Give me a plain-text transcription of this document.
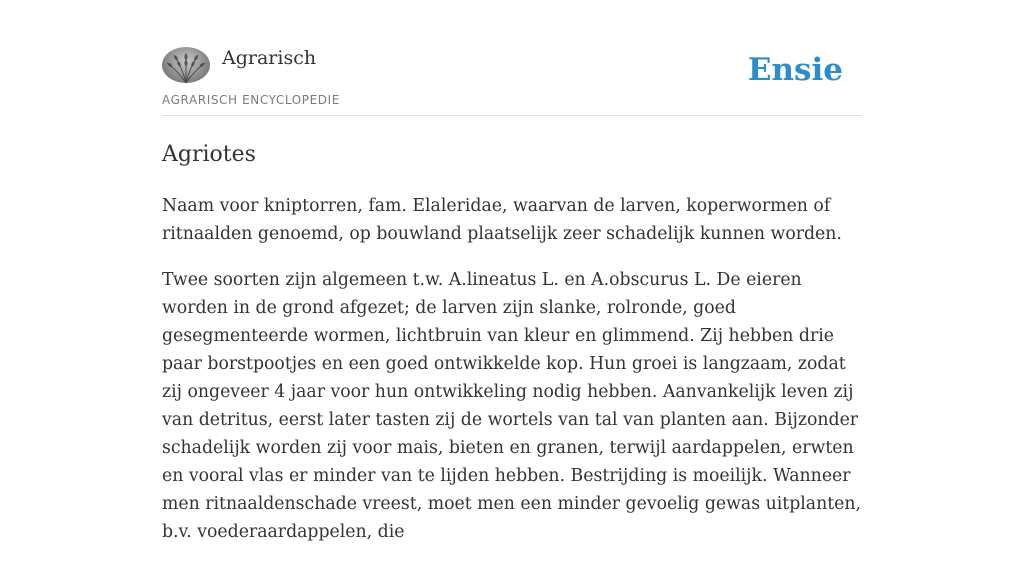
Agrarisch
AGRARISCH ENCYCLOPEDIE
Ensie
Agriotes

Naam voor kniptorren, fam. Elaleridae, waarvan de larven, koperwormen of ritnaalden genoemd, op bouwland plaatselijk zeer schadelijk kunnen worden.

Twee soorten zijn algemeen t.w. A.lineatus L. en A.obscurus L. De eieren worden in de grond afgezet; de larven zijn slanke, rolronde, goed gesegmenteerde wormen, lichtbruin van kleur en glimmend. Zij hebben drie paar borstpootjes en een goed ontwikkelde kop. Hun groei is langzaam, zodat zij ongeveer 4 jaar voor hun ontwikkeling nodig hebben. Aanvankelijk leven zij van detritus, eerst later tasten zij de wortels van tal van planten aan. Bijzonder schadelijk worden zij voor mais, bieten en granen, terwijl aardappelen, erwten en vooral vlas er minder van te lijden hebben. Bestrijding is moeilijk. Wanneer men ritnaaldenschade vreest, moet men een minder gevoelig gewas uitplanten, b.v. voederaardappelen, die
